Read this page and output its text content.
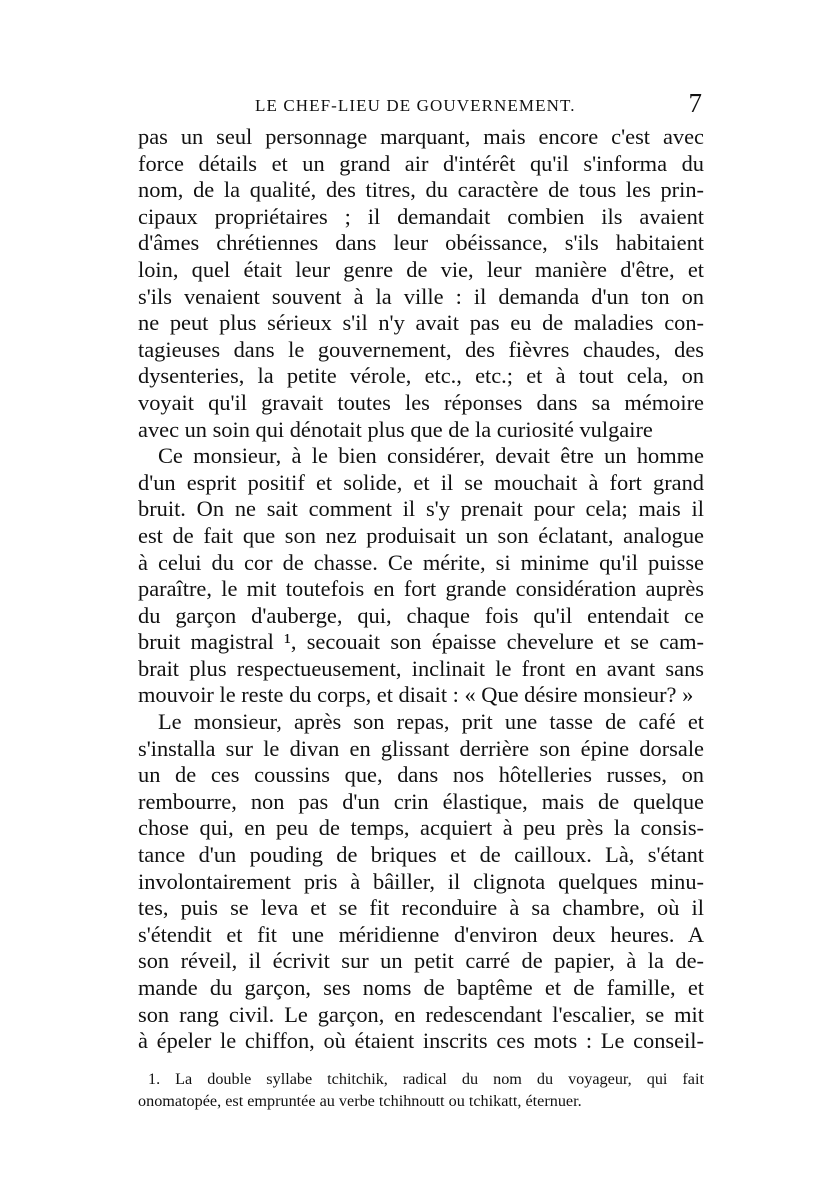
LE CHEF-LIEU DE GOUVERNEMENT.	7
pas un seul personnage marquant, mais encore c'est avec
force détails et un grand air d'intérêt qu'il s'informa du
nom, de la qualité, des titres, du caractère de tous les prin-
cipaux propriétaires ; il demandait combien ils avaient
d'âmes chrétiennes dans leur obéissance, s'ils habitaient
loin, quel était leur genre de vie, leur manière d'être, et
s'ils venaient souvent à la ville : il demanda d'un ton on
ne peut plus sérieux s'il n'y avait pas eu de maladies con-
tagieuses dans le gouvernement, des fièvres chaudes, des
dysenteries, la petite vérole, etc., etc.; et à tout cela, on
voyait qu'il gravait toutes les réponses dans sa mémoire
avec un soin qui dénotait plus que de la curiosité vulgaire
Ce monsieur, à le bien considérer, devait être un homme
d'un esprit positif et solide, et il se mouchait à fort grand
bruit. On ne sait comment il s'y prenait pour cela; mais il
est de fait que son nez produisait un son éclatant, analogue
à celui du cor de chasse. Ce mérite, si minime qu'il puisse
paraître, le mit toutefois en fort grande considération auprès
du garçon d'auberge, qui, chaque fois qu'il entendait ce
bruit magistral ¹, secouait son épaisse chevelure et se cam-
brait plus respectueusement, inclinait le front en avant sans
mouvoir le reste du corps, et disait : « Que désire monsieur? »
Le monsieur, après son repas, prit une tasse de café et
s'installa sur le divan en glissant derrière son épine dorsale
un de ces coussins que, dans nos hôtelleries russes, on
rembourre, non pas d'un crin élastique, mais de quelque
chose qui, en peu de temps, acquiert à peu près la consis-
tance d'un pouding de briques et de cailloux. Là, s'étant
involontairement pris à bâiller, il clignota quelques minu-
tes, puis se leva et se fit reconduire à sa chambre, où il
s'étendit et fit une méridienne d'environ deux heures. A
son réveil, il écrivit sur un petit carré de papier, à la de-
mande du garçon, ses noms de baptême et de famille, et
son rang civil. Le garçon, en redescendant l'escalier, se mit
à épeler le chiffon, où étaient inscrits ces mots : Le conseil-
1. La double syllabe tchitchik, radical du nom du voyageur, qui fait
onomatopée, est empruntée au verbe tchihnoutt ou tchikatt, éternuer.
